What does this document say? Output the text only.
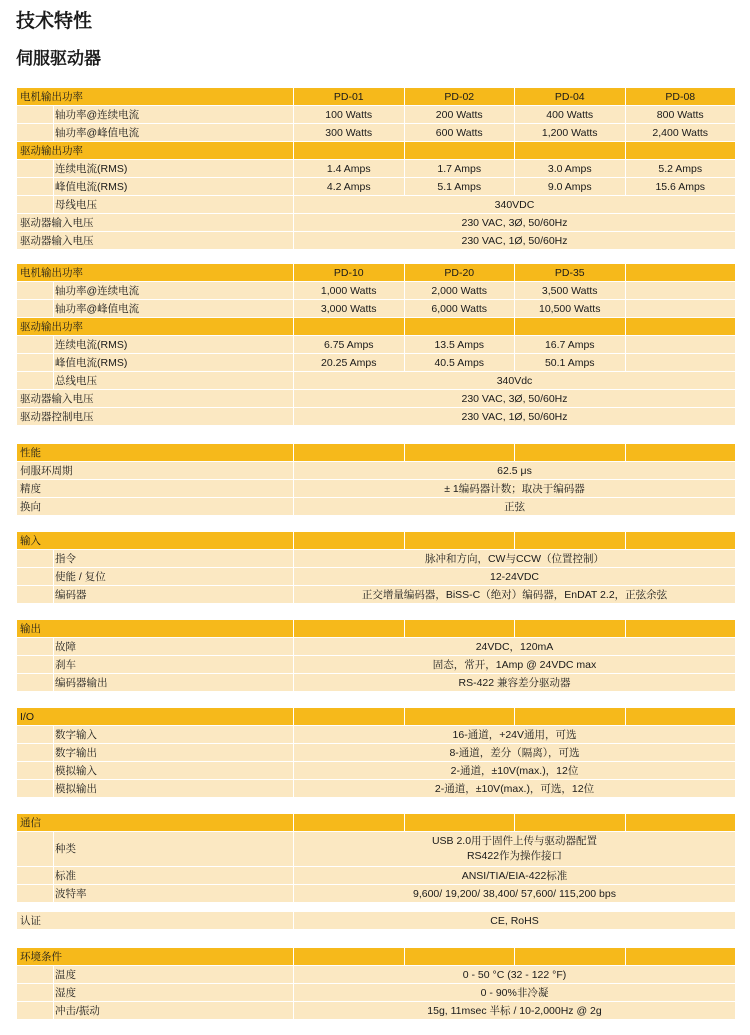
技术特性
伺服驱动器
电机输出功率		PD-01	PD-02	PD-04	PD-08
	轴功率@连续电流	100 Watts	200 Watts	400 Watts	800 Watts
	轴功率@峰值电流	300 Watts	600 Watts	1,200 Watts	2,400 Watts
驱动输出功率					
	连续电流(RMS)	1.4 Amps	1.7 Amps	3.0 Amps	5.2 Amps
	峰值电流(RMS)	4.2 Amps	5.1 Amps	9.0 Amps	15.6 Amps
	母线电压	340VDC			
驱动器输入电压		230 VAC, 3Ø, 50/60Hz			
驱动器输入电压		230 VAC, 1Ø, 50/60Hz			
电机输出功率		PD-10	PD-20	PD-35	
	轴功率@连续电流	1,000 Watts	2,000 Watts	3,500 Watts	
	轴功率@峰值电流	3,000 Watts	6,000 Watts	10,500 Watts	
驱动输出功率					
	连续电流(RMS)	6.75 Amps	13.5 Amps	16.7 Amps	
	峰值电流(RMS)	20.25 Amps	40.5 Amps	50.1 Amps	
	总线电压	340Vdc			
驱动器输入电压		230 VAC, 3Ø, 50/60Hz			
驱动器控制电压		230 VAC, 1Ø, 50/60Hz			
性能				
伺服环周期	62.5 μs			
精度	± 1编码器计数；取决于编码器			
换向	正弦			
输入					
	指令	脉冲和方向，CW与CCW（位置控制）			
	使能 / 复位	12-24VDC			
	编码器	正交增量编码器，BiSS-C（绝对）编码器，EnDAT 2.2，正弦余弦			
输出					
	故障	24VDC，120mA			
	刹车	固态，常开，1Amp @ 24VDC max			
	编码器输出	RS-422 兼容差分驱动器			
I/O					
	数字输入	16-通道，+24V通用，可选			
	数字输出	8-通道，差分（隔离），可选			
	模拟输入	2-通道，±10V(max.)，12位			
	模拟输出	2-通道，±10V(max.)，可选，12位			
通信					
	种类	USB 2.0用于固件上传与驱动器配置
RS422作为操作接口			

	标准	ANSI/TIA/EIA-422标准			
	波特率	9,600/ 19,200/ 38,400/ 57,600/ 115,200 bps			
认证	CE, RoHS
环境条件					
	温度	0 - 50 °C (32 - 122 °F)			
	湿度	0 - 90%非冷凝			
	冲击/振动	15g, 11msec 半标 / 10-2,000Hz @ 2g			
